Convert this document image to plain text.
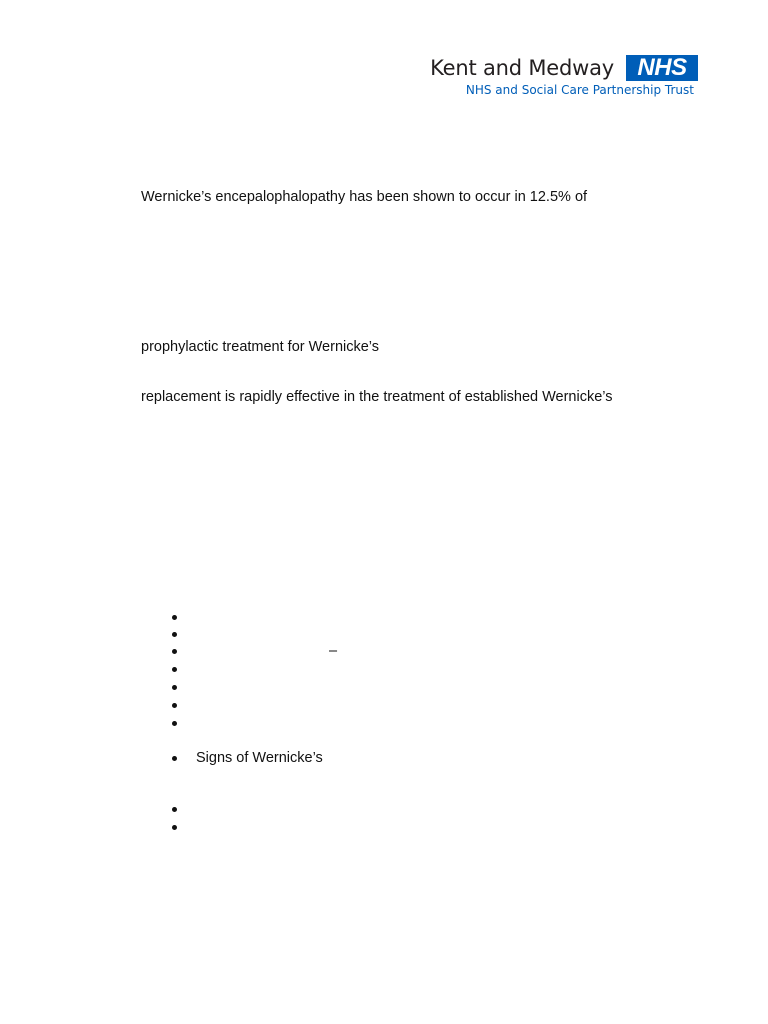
Kent and Medway NHS
NHS and Social Care Partnership Trust
Wernicke’s encepalophalopathy has been shown to occur in 12.5% of
prophylactic treatment for Wernicke’s
replacement is rapidly effective in the treatment of established Wernicke’s
–
Signs of Wernicke’s
